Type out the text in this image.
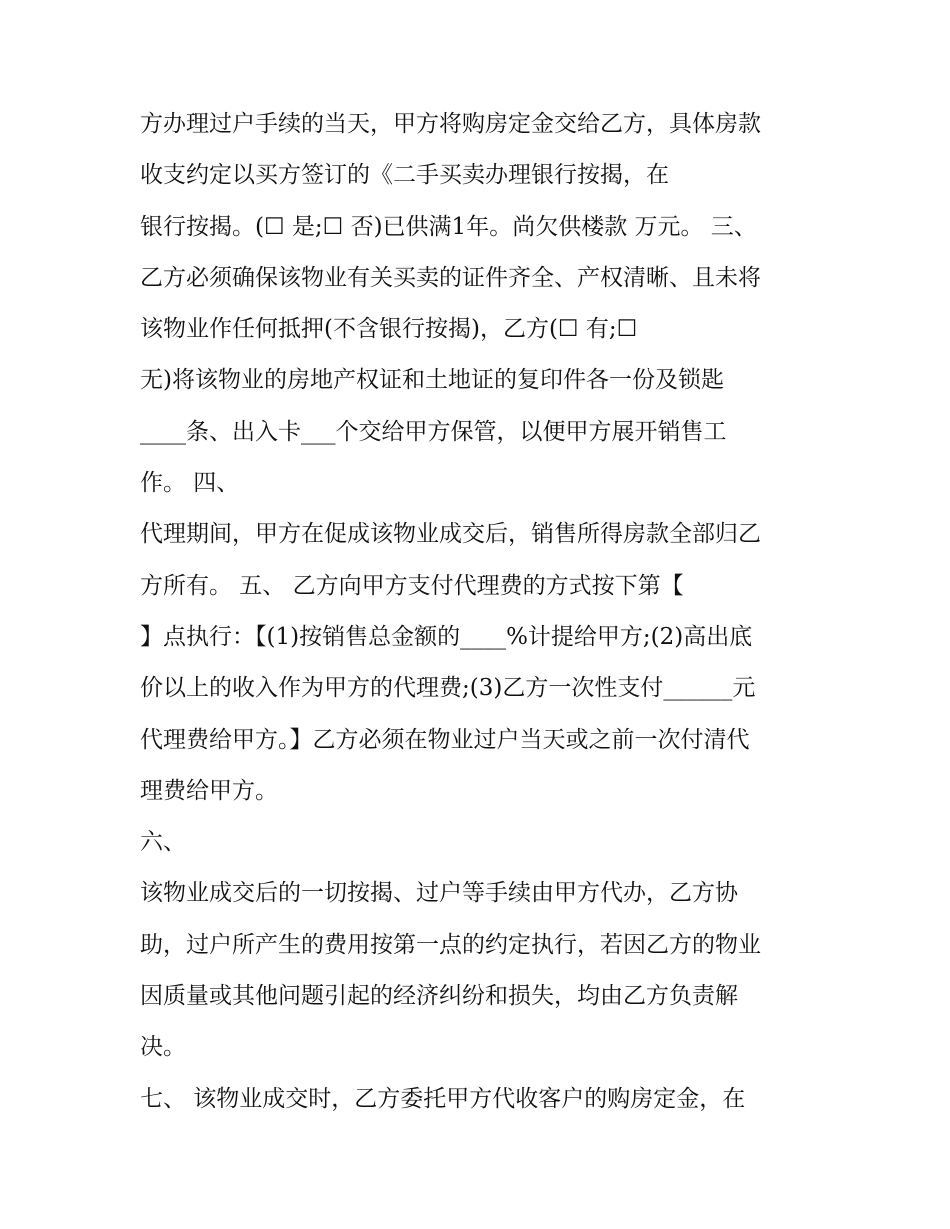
方办理过户手续的当天，甲方将购房定金交给乙方，具体房款
收支约定以买方签订的《二手买卖办理银行按揭，在
银行按揭。(☐ 是;☐ 否)已供满1年。尚欠供楼款 万元。 三、
乙方必须确保该物业有关买卖的证件齐全、产权清晰、且未将
该物业作任何抵押(不含银行按揭)，乙方(☐ 有;☐
无)将该物业的房地产权证和土地证的复印件各一份及锁匙
____条、出入卡___个交给甲方保管，以便甲方展开销售工
作。 四、
代理期间，甲方在促成该物业成交后，销售所得房款全部归乙
方所有。 五、 乙方向甲方支付代理费的方式按下第【
】点执行：【(1)按销售总金额的____%计提给甲方;(2)高出底
价以上的收入作为甲方的代理费;(3)乙方一次性支付______元
代理费给甲方。】乙方必须在物业过户当天或之前一次付清代
理费给甲方。
六、
该物业成交后的一切按揭、过户等手续由甲方代办，乙方协
助，过户所产生的费用按第一点的约定执行，若因乙方的物业
因质量或其他问题引起的经济纠纷和损失，均由乙方负责解
决。
七、 该物业成交时，乙方委托甲方代收客户的购房定金，在
